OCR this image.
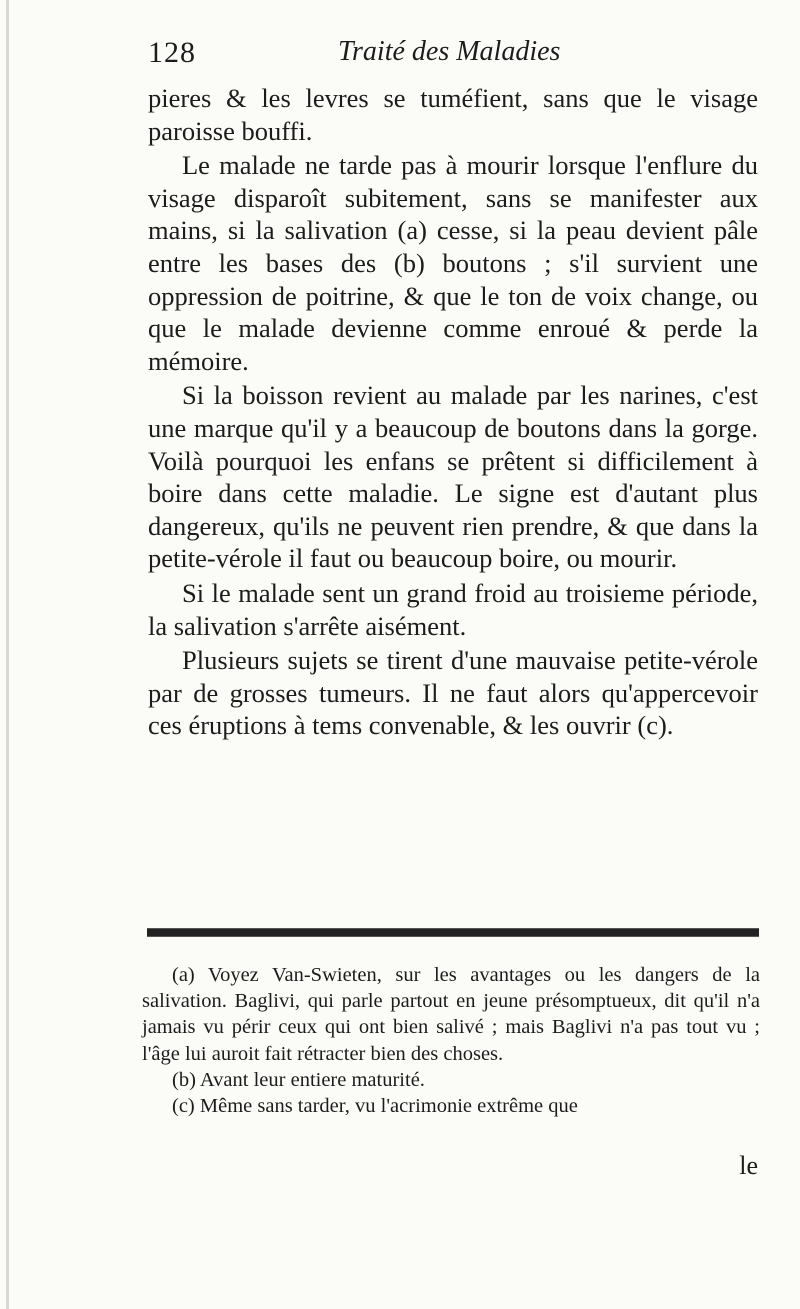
128	Traité des Maladies

pieres & les levres se tuméfient, sans que le visage paroisse bouffi.

Le malade ne tarde pas à mourir lorsque l'enflure du visage disparoît subitement, sans se manifester aux mains, si la salivation (a) cesse, si la peau devient pâle entre les bases des (b) boutons ; s'il survient une oppression de poitrine, & que le ton de voix change, ou que le malade devienne comme enroué & perde la mémoire.

Si la boisson revient au malade par les narines, c'est une marque qu'il y a beaucoup de boutons dans la gorge. Voilà pourquoi les enfans se prêtent si difficilement à boire dans cette maladie. Le signe est d'autant plus dangereux, qu'ils ne peuvent rien prendre, & que dans la petite-vérole il faut ou beaucoup boire, ou mourir.

Si le malade sent un grand froid au troisieme période, la salivation s'arrête aisément.

Plusieurs sujets se tirent d'une mauvaise petite-vérole par de grosses tumeurs. Il ne faut alors qu'appercevoir ces éruptions à tems convenable, & les ouvrir (c).

(a) Voyez Van-Swieten, sur les avantages ou les dangers de la salivation. Baglivi, qui parle partout en jeune présomptueux, dit qu'il n'a jamais vu périr ceux qui ont bien salivé ; mais Baglivi n'a pas tout vu ; l'âge lui auroit fait rétracter bien des choses.

(b) Avant leur entiere maturité.

(c) Même sans tarder, vu l'acrimonie extrême que

le
